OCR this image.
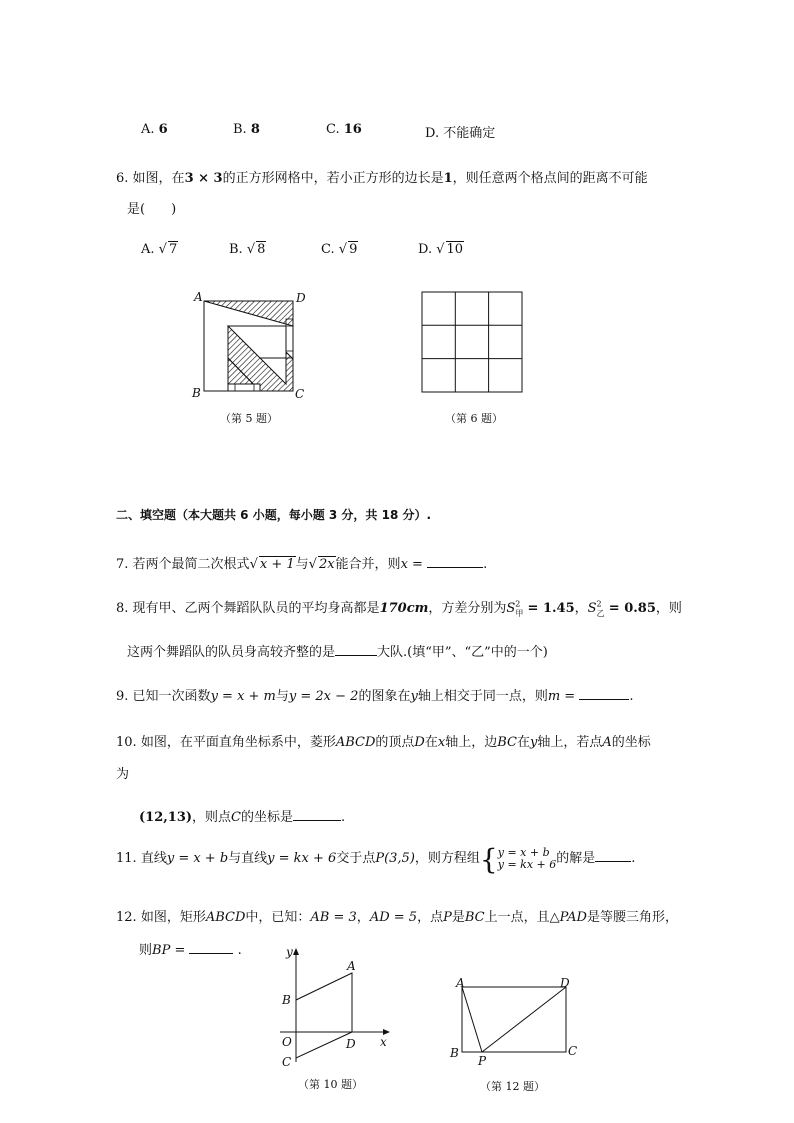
A. 6	B. 8	C. 16	D. 不能确定
6. 如图，在3 × 3的正方形网格中，若小正方形的边长是1，则任意两个格点间的距离不可能
是(　　)
A. √ 7	B. √ 8	C. √ 9	D. √ 10
A	D
B	C
（第 5 题）	（第 6 题）
二、填空题（本大题共 6 小题，每小题 3 分，共 18 分）.
7. 若两个最简二次根式√ x + 1与√ 2x能合并，则x =	.
8. 现有甲、乙两个舞蹈队队员的平均身高都是170cm，方差分别为$S^2_甲 = 1.45$，$S^2_乙 = 0.85$，则
这两个舞蹈队的队员身高较齐整的是	大队.(填“甲”、“乙”中的一个)
9. 已知一次函数y = x + m与y = 2x − 2的图象在y轴上相交于同一点，则m =	.
10. 如图，在平面直角坐标系中，菱形ABCD的顶点D在x轴上，边BC在y轴上，若点A的坐标
为
(12,13)，则点C的坐标是	.
11. 直线y = x + b与直线y = kx + 6交于点P(3,5)，则方程组{y = x + b
y = kx + 6的解是	.
12. 如图，矩形ABCD中，已知：AB = 3，AD = 5，点P是BC上一点，且△PAD是等腰三角形，
则BP =	.	y
x
A
B
O
C
D
（第 10 题）
A	D
B
P
C
（第 12 题）
